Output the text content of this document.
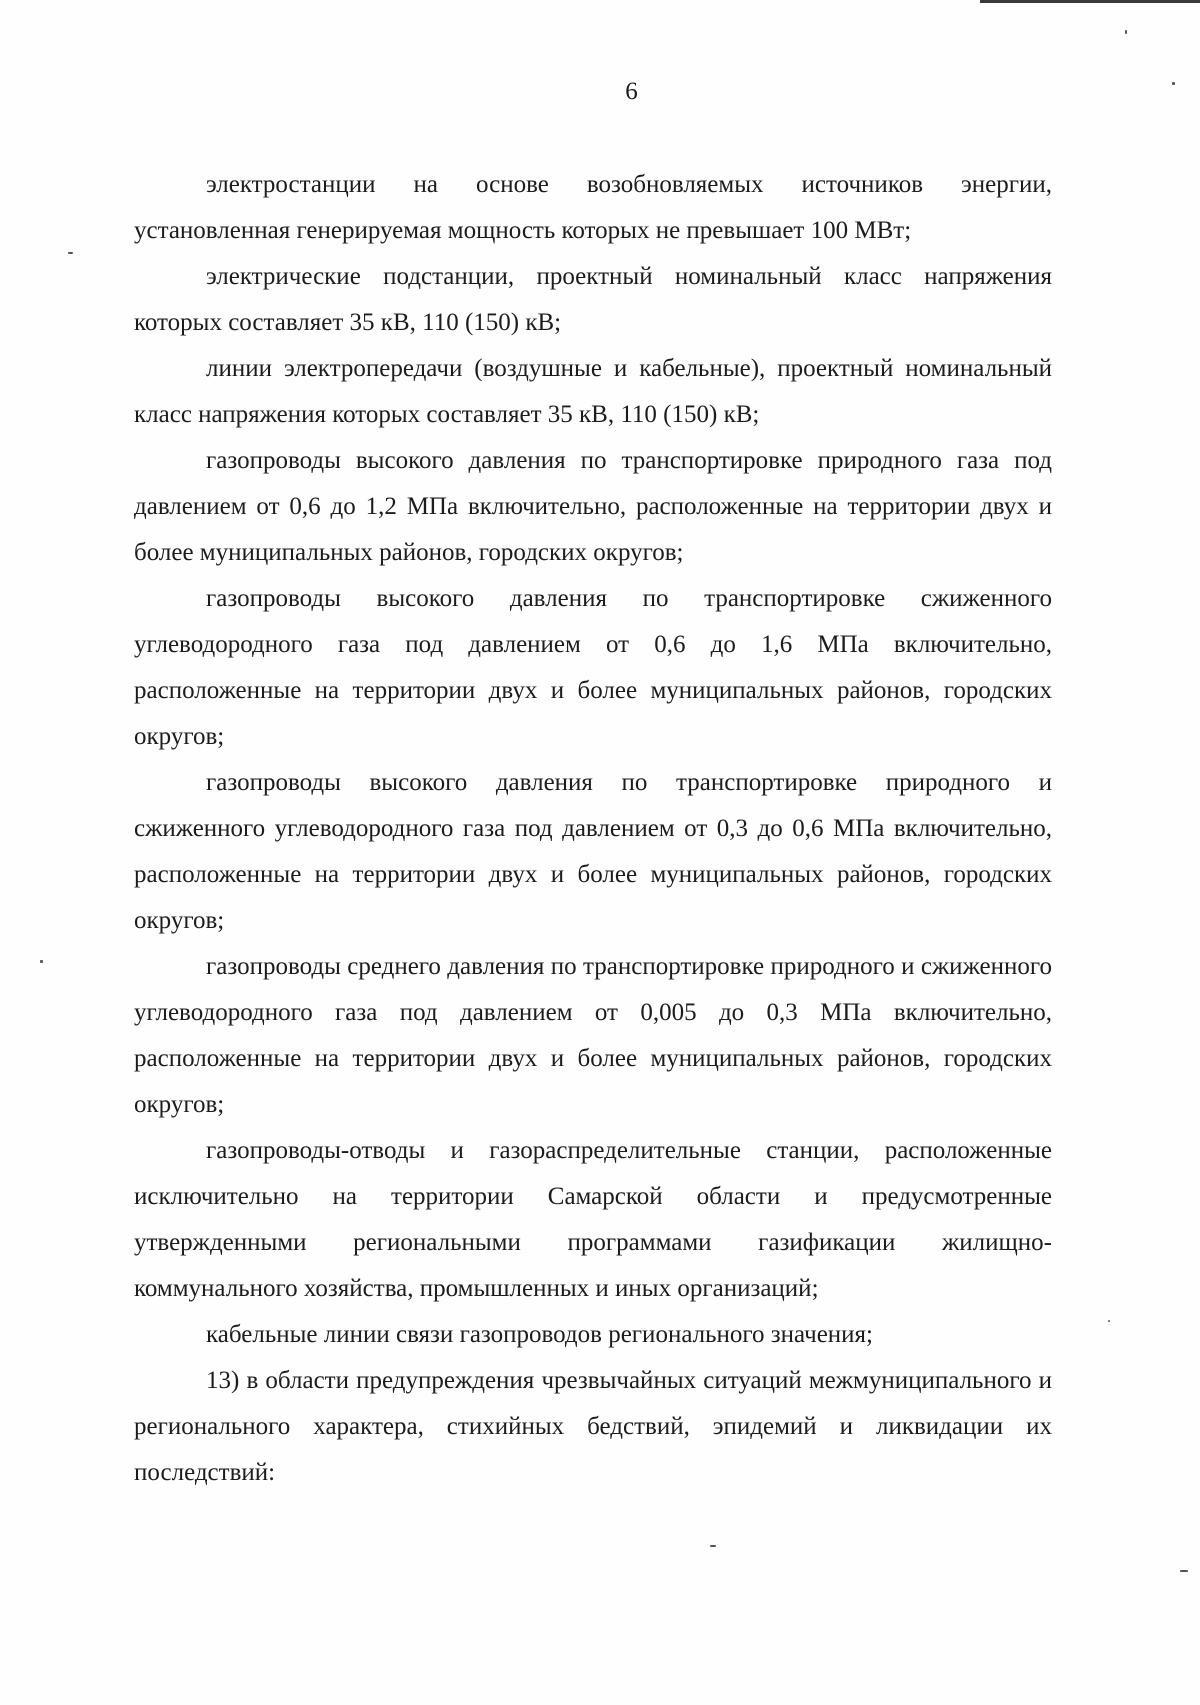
6

электростанции на основе возобновляемых источников энергии, установленная генерируемая мощность которых не превышает 100 МВт;

электрические подстанции, проектный номинальный класс напряжения которых составляет 35 кВ, 110 (150) кВ;

линии электропередачи (воздушные и кабельные), проектный номинальный класс напряжения которых составляет 35 кВ, 110 (150) кВ;

газопроводы высокого давления по транспортировке природного газа под давлением от 0,6 до 1,2 МПа включительно, расположенные на территории двух и более муниципальных районов, городских округов;

газопроводы высокого давления по транспортировке сжиженного углеводородного газа под давлением от 0,6 до 1,6 МПа включительно, расположенные на территории двух и более муниципальных районов, городских округов;

газопроводы высокого давления по транспортировке природного и сжиженного углеводородного газа под давлением от 0,3 до 0,6 МПа включительно, расположенные на территории двух и более муниципальных районов, городских округов;

газопроводы среднего давления по транспортировке природного и сжиженного углеводородного газа под давлением от 0,005 до 0,3 МПа включительно, расположенные на территории двух и более муниципальных районов, городских округов;

газопроводы-отводы и газораспределительные станции, расположенные исключительно на территории Самарской области и предусмотренные утвержденными региональными программами газификации жилищно-коммунального хозяйства, промышленных и иных организаций;

кабельные линии связи газопроводов регионального значения;

13) в области предупреждения чрезвычайных ситуаций межмуниципального и регионального характера, стихийных бедствий, эпидемий и ликвидации их последствий:
